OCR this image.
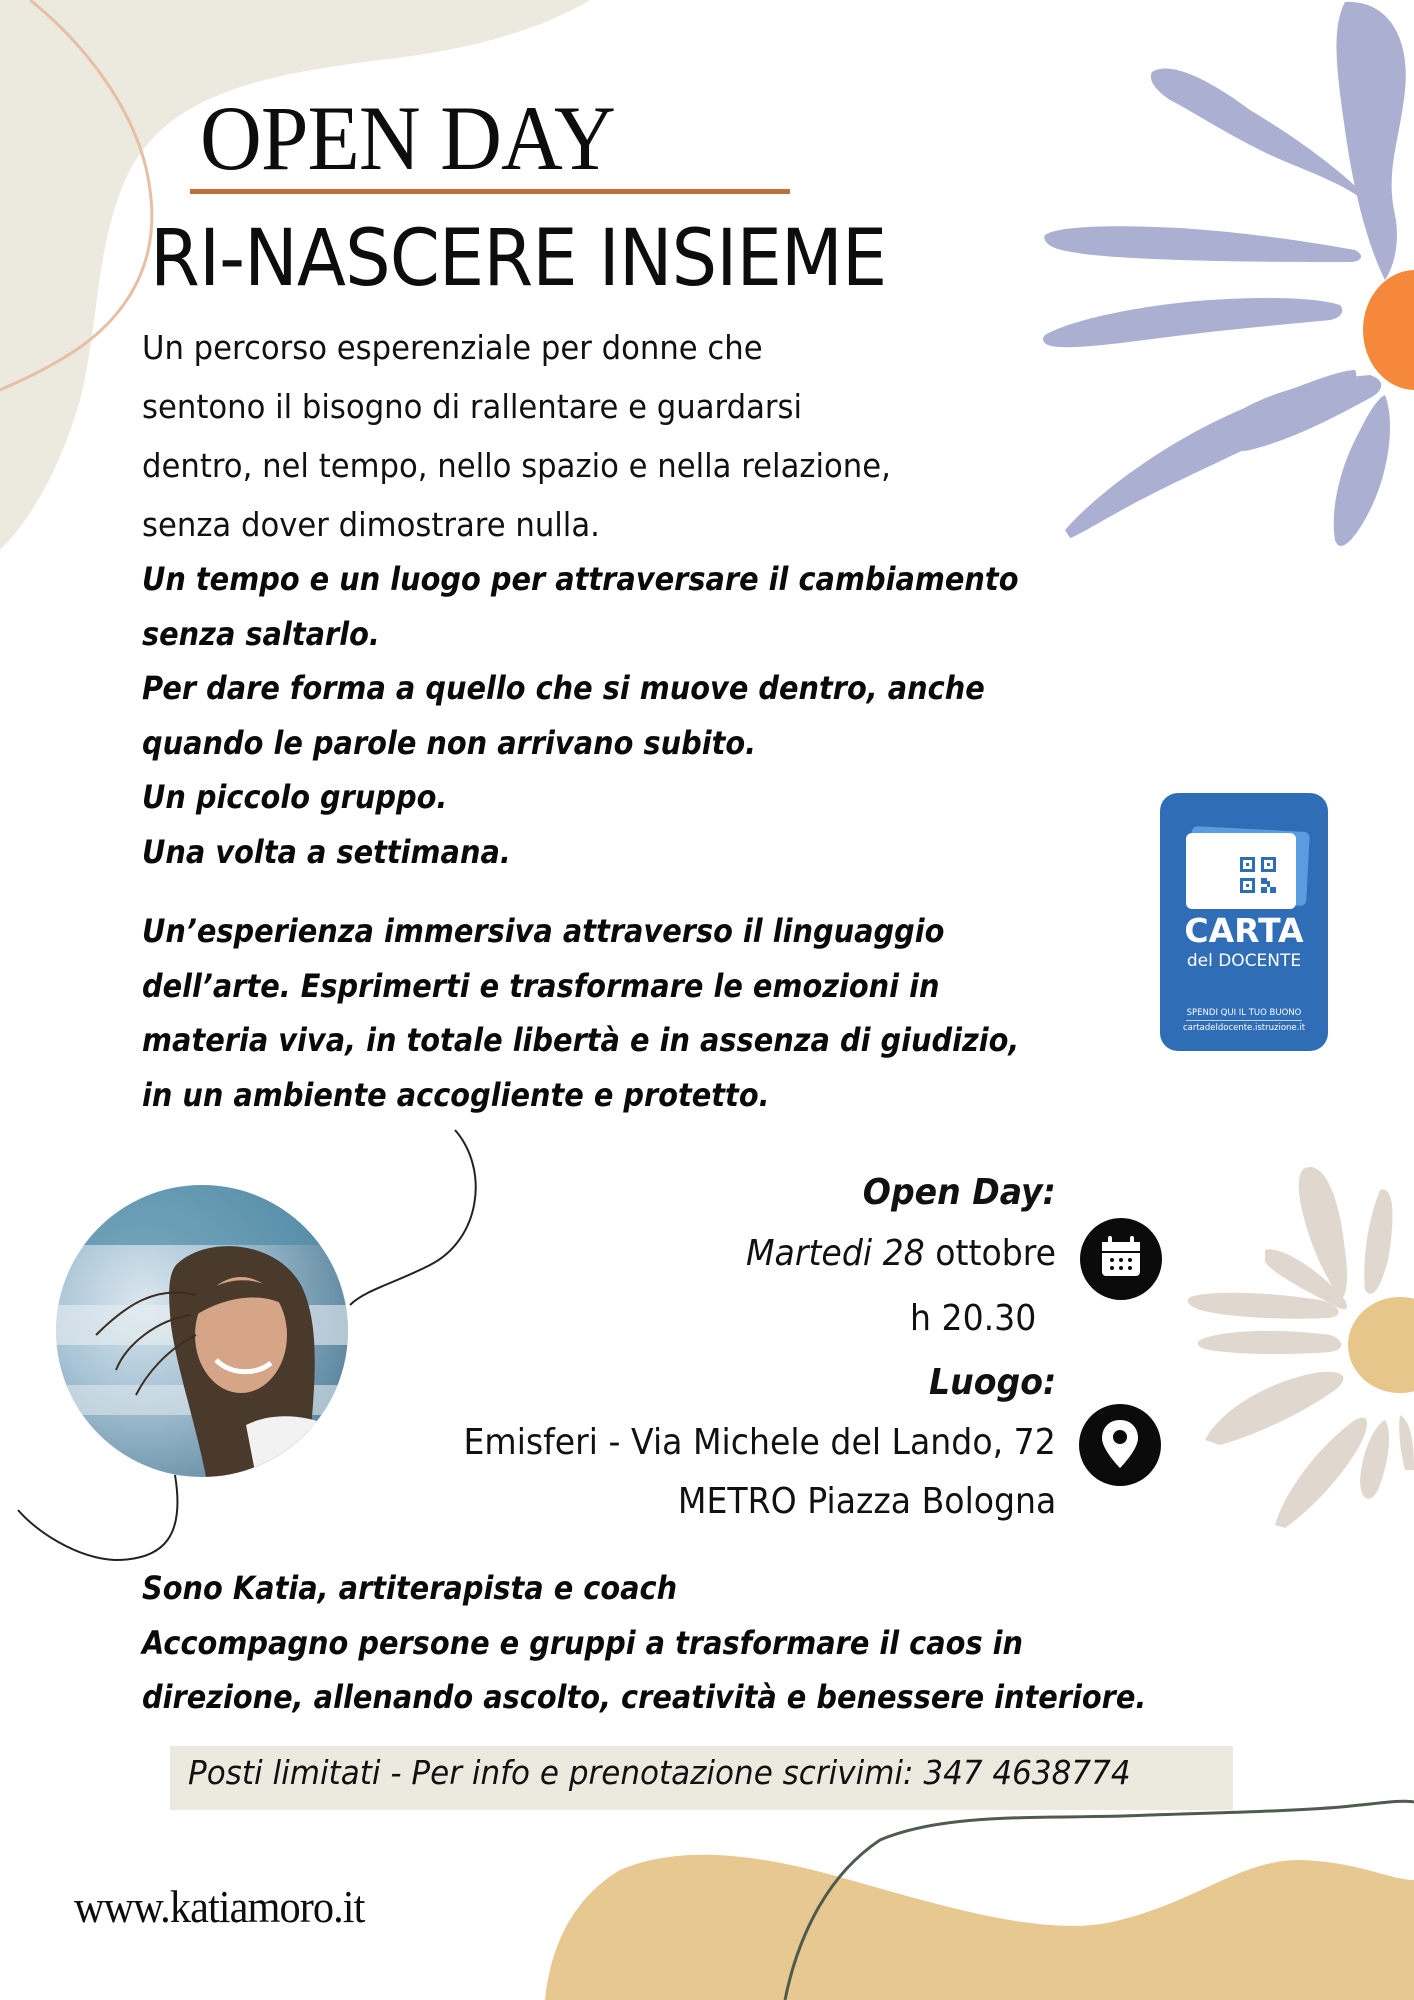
OPEN DAY
RI-NASCERE INSIEME
Un percorso esperenziale per donne che
sentono il bisogno di rallentare e guardarsi
dentro, nel tempo, nello spazio e nella relazione,
senza dover dimostrare nulla.
Un tempo e un luogo per attraversare il cambiamento
senza saltarlo.
Per dare forma a quello che si muove dentro, anche
quando le parole non arrivano subito.
Un piccolo gruppo.
Una volta a settimana.
Un’esperienza immersiva attraverso il linguaggio
dell’arte. Esprimerti e trasformare le emozioni in
materia viva, in totale libertà e in assenza di giudizio,
in un ambiente accogliente e protetto.
CARTA
del DOCENTE
SPENDI QUI IL TUO BUONO
cartadeldocente.istruzione.it
Open Day:
Martedi 28 ottobre
h 20.30
Luogo:
Emisferi - Via Michele del Lando, 72
METRO Piazza Bologna
Sono Katia, artiterapista e coach
Accompagno persone e gruppi a trasformare il caos in
direzione, allenando ascolto, creatività e benessere interiore.
Posti limitati - Per info e prenotazione scrivimi: 347 4638774
www.katiamoro.it
